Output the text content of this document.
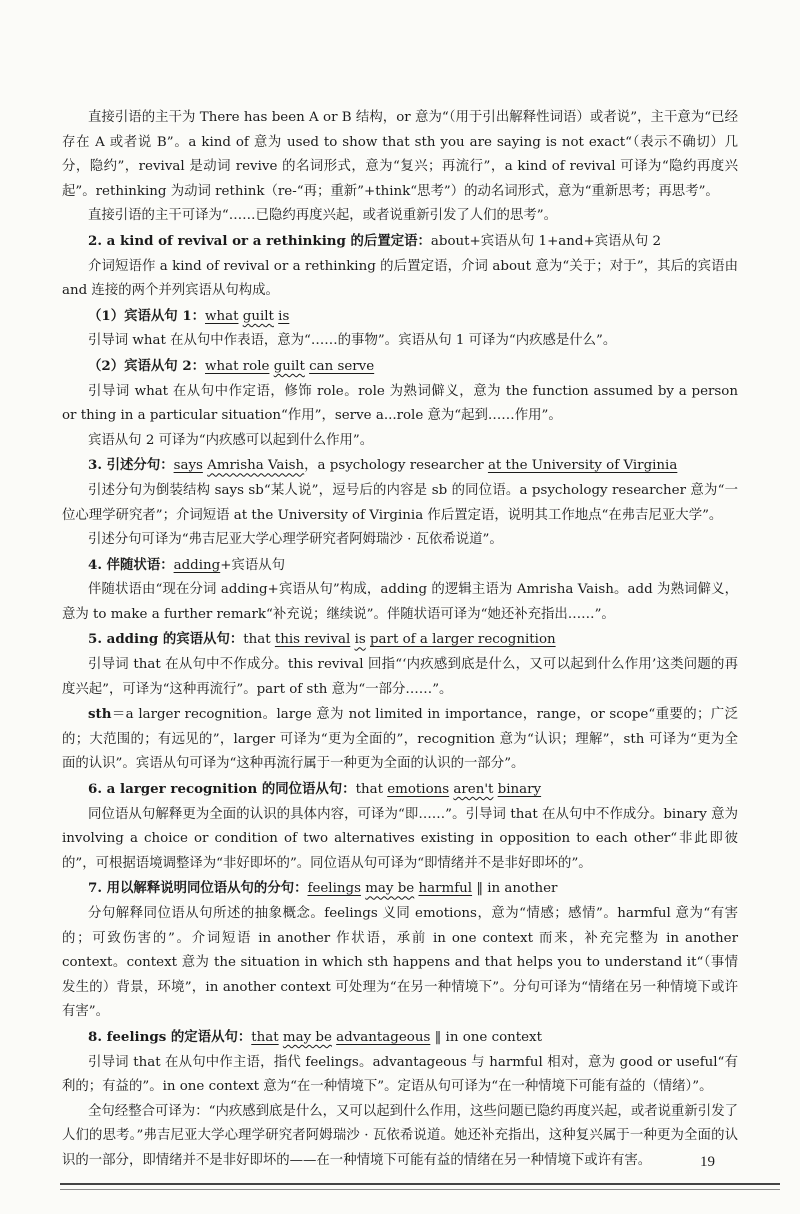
直接引语的主干为 There has been A or B 结构，or 意为“（用于引出解释性词语）或者说”，主干意为“已经存在 A 或者说 B”。a kind of 意为 used to show that sth you are saying is not exact“（表示不确切）几分，隐约”，revival 是动词 revive 的名词形式，意为“复兴；再流行”，a kind of revival 可译为“隐约再度兴起”。rethinking 为动词 rethink（re-“再；重新”+think“思考”）的动名词形式，意为“重新思考；再思考”。

直接引语的主干可译为“……已隐约再度兴起，或者说重新引发了人们的思考”。

2. a kind of revival or a rethinking 的后置定语：about+宾语从句 1+and+宾语从句 2

介词短语作 a kind of revival or a rethinking 的后置定语，介词 about 意为“关于；对于”，其后的宾语由 and 连接的两个并列宾语从句构成。

（1）宾语从句 1：what guilt is

引导词 what 在从句中作表语，意为“……的事物”。宾语从句 1 可译为“内疚感是什么”。

（2）宾语从句 2：what role guilt can serve

引导词 what 在从句中作定语，修饰 role。role 为熟词僻义，意为 the function assumed by a person or thing in a particular situation“作用”，serve a...role 意为“起到……作用”。

宾语从句 2 可译为“内疚感可以起到什么作用”。

3. 引述分句：says Amrisha Vaish，a psychology researcher at the University of Virginia

引述分句为倒装结构 says sb“某人说”，逗号后的内容是 sb 的同位语。a psychology researcher 意为“一位心理学研究者”；介词短语 at the University of Virginia 作后置定语，说明其工作地点“在弗吉尼亚大学”。

引述分句可译为“弗吉尼亚大学心理学研究者阿姆瑞沙 · 瓦依希说道”。

4. 伴随状语：adding+宾语从句

伴随状语由“现在分词 adding+宾语从句”构成，adding 的逻辑主语为 Amrisha Vaish。add 为熟词僻义，意为 to make a further remark“补充说；继续说”。伴随状语可译为“她还补充指出……”。

5. adding 的宾语从句：that this revival is part of a larger recognition

引导词 that 在从句中不作成分。this revival 回指“‘内疚感到底是什么，又可以起到什么作用’这类问题的再度兴起”，可译为“这种再流行”。part of sth 意为“一部分……”。

sth＝a larger recognition。large 意为 not limited in importance，range，or scope“重要的；广泛的；大范围的；有远见的”，larger 可译为“更为全面的”，recognition 意为“认识；理解”，sth 可译为“更为全面的认识”。宾语从句可译为“这种再流行属于一种更为全面的认识的一部分”。

6. a larger recognition 的同位语从句：that emotions aren't binary

同位语从句解释更为全面的认识的具体内容，可译为“即……”。引导词 that 在从句中不作成分。binary 意为 involving a choice or condition of two alternatives existing in opposition to each other“非此即彼的”，可根据语境调整译为“非好即坏的”。同位语从句可译为“即情绪并不是非好即坏的”。

7. 用以解释说明同位语从句的分句：feelings may be harmful ‖ in another

分句解释同位语从句所述的抽象概念。feelings 义同 emotions，意为“情感；感情”。harmful 意为“有害的；可致伤害的”。介词短语 in another 作状语，承前 in one context 而来，补充完整为 in another context。context 意为 the situation in which sth happens and that helps you to understand it“（事情发生的）背景，环境”，in another context 可处理为“在另一种情境下”。分句可译为“情绪在另一种情境下或许有害”。

8. feelings 的定语从句：that may be advantageous ‖ in one context

引导词 that 在从句中作主语，指代 feelings。advantageous 与 harmful 相对，意为 good or useful“有利的；有益的”。in one context 意为“在一种情境下”。定语从句可译为“在一种情境下可能有益的（情绪）”。

全句经整合可译为：“内疚感到底是什么，又可以起到什么作用，这些问题已隐约再度兴起，或者说重新引发了人们的思考。”弗吉尼亚大学心理学研究者阿姆瑞沙 · 瓦依希说道。她还补充指出，这种复兴属于一种更为全面的认识的一部分，即情绪并不是非好即坏的——在一种情境下可能有益的情绪在另一种情境下或许有害。	19
